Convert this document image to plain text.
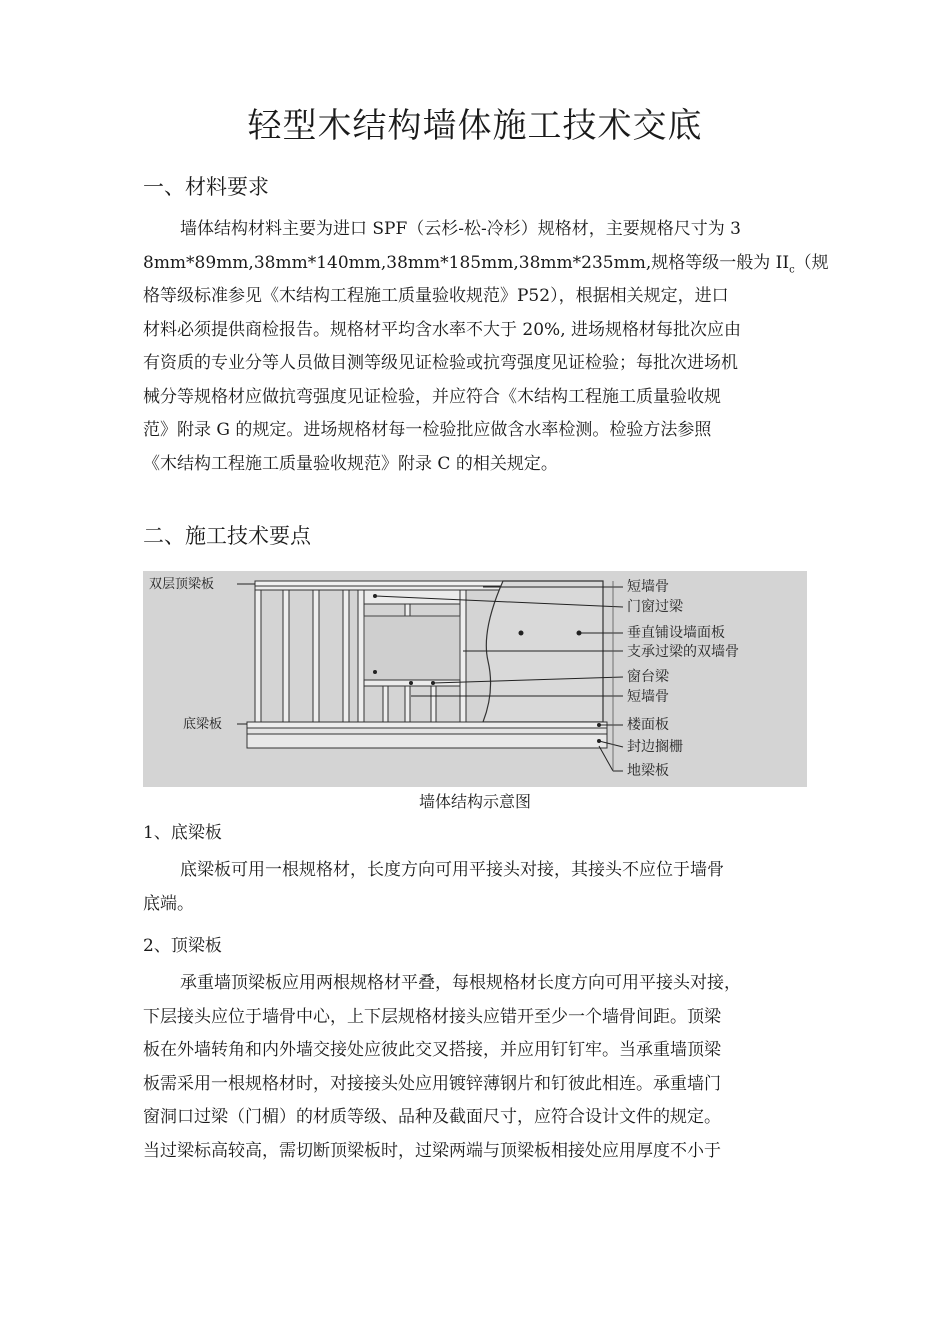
轻型木结构墙体施工技术交底
一、材料要求
墙体结构材料主要为进口 SPF（云杉-松-冷杉）规格材，主要规格尺寸为 3
8mm*89mm,38mm*140mm,38mm*185mm,38mm*235mm,规格等级一般为 $II_c$（规
格等级标准参见《木结构工程施工质量验收规范》P52），根据相关规定，进口
材料必须提供商检报告。规格材平均含水率不大于 20%, 进场规格材每批次应由
有资质的专业分等人员做目测等级见证检验或抗弯强度见证检验；每批次进场机
械分等规格材应做抗弯强度见证检验，并应符合《木结构工程施工质量验收规
范》附录 G 的规定。进场规格材每一检验批应做含水率检测。检验方法参照
《木结构工程施工质量验收规范》附录 C 的相关规定。
二、施工技术要点
双层顶梁板
底梁板
短墙骨
门窗过梁
垂直铺设墙面板
支承过梁的双墙骨
窗台梁
短墙骨
楼面板
封边搁栅
地梁板
墙体结构示意图
1、底梁板
底梁板可用一根规格材，长度方向可用平接头对接，其接头不应位于墙骨
底端。
2、顶梁板
承重墙顶梁板应用两根规格材平叠，每根规格材长度方向可用平接头对接，
下层接头应位于墙骨中心，上下层规格材接头应错开至少一个墙骨间距。顶梁
板在外墙转角和内外墙交接处应彼此交叉搭接，并应用钉钉牢。当承重墙顶梁
板需采用一根规格材时，对接接头处应用镀锌薄钢片和钉彼此相连。承重墙门
窗洞口过梁（门楣）的材质等级、品种及截面尺寸，应符合设计文件的规定。
当过梁标高较高，需切断顶梁板时，过梁两端与顶梁板相接处应用厚度不小于
